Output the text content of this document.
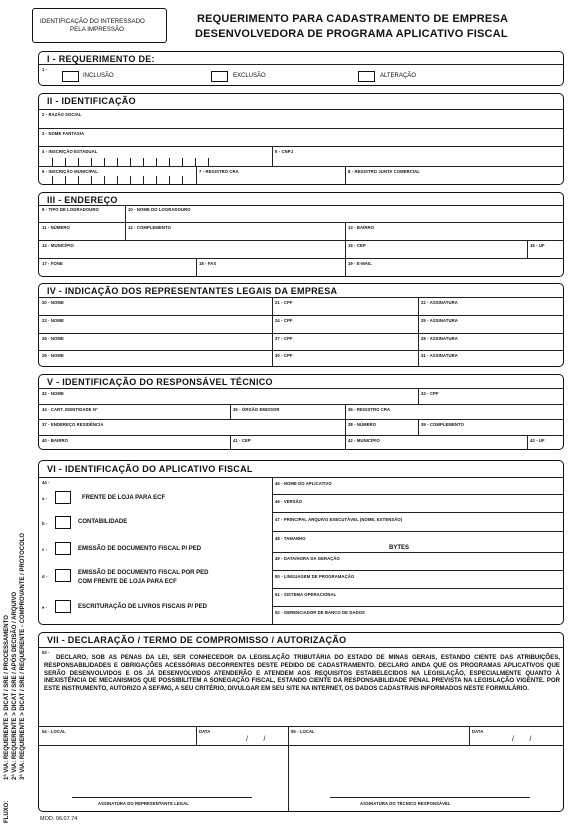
IDENTIFICAÇÃO DO INTERESSADO
PELA IMPRESSÃO
REQUERIMENTO PARA CADASTRAMENTO DE EMPRESA
DESENVOLVEDORA DE PROGRAMA APLICATIVO FISCAL
I - REQUERIMENTO DE:
1 -
INCLUSÃO	EXCLUSÃO	ALTERAÇÃO
II - IDENTIFICAÇÃO
2 - RAZÃO SOCIAL
3 - NOME FANTASIA
4 - INSCRIÇÃO ESTADUAL	5 - CNPJ
6 - INSCRIÇÃO MUNICIPAL	7 - REGISTRO CRA	8 - REGISTRO JUNTA COMERCIAL
III - ENDEREÇO
9 - TIPO DE LOGRADOURO	10 - NOME DO LOGRADOURO
11 - NÚMERO	12 - COMPLEMENTO	13 - BAIRRO
14 - MUNICÍPIO	15 - CEP	16 - UF
17 - FONE	18 - FAX	19 - E-MAIL
IV - INDICAÇÃO DOS REPRESENTANTES LEGAIS DA EMPRESA
20 - NOME	21 - CPF	22 - ASSINATURA
23 - NOME	24 - CPF	25 - ASSINATURA
26 - NOME	27 - CPF	28 - ASSINATURA
29 - NOME	30 - CPF	31 - ASSINATURA
V - IDENTIFICAÇÃO DO RESPONSÁVEL TÉCNICO
32 - NOME	33 - CPF
34 - CART. IDENTIDADE Nº	35 - ÓRGÃO EMISSOR	36 - REGISTRO CRA
37 - ENDEREÇO RESIDÊNCIA	38 - NÚMERO	39 - COMPLEMENTO
40 - BAIRRO	41 - CEP	42 - MUNICÍPIO	43 - UF
VI - IDENTIFICAÇÃO DO APLICATIVO FISCAL
44 -
a -	FRENTE DE LOJA PARA ECF
b -	CONTABILIDADE
c -	EMISSÃO DE DOCUMENTO FISCAL P/ PED
d -
EMISSÃO DE DOCUMENTO FISCAL POR PED
COM FRENTE DE LOJA PARA ECF
e -	ESCRITURAÇÃO DE LIVROS FISCAIS P/ PED
45 - NOME DO APLICATIVO
46 - VERSÃO
47 - PRINCIPAL ARQUIVO EXECUTÁVEL (NOME, EXTENSÃO)
48 - TAMANHO
BYTES
49 - DATA/HORA DA GERAÇÃO
50 - LINGUAGEM DE PROGRAMAÇÃO
51 - SISTEMA OPERACIONAL
52 - GERENCIADOR DE BANCO DE DADOS
VII - DECLARAÇÃO / TERMO DE COMPROMISSO / AUTORIZAÇÃO
53 -
DECLARO, SOB AS PENAS DA LEI, SER CONHECEDOR DA LEGISLAÇÃO TRIBUTÁRIA DO ESTADO DE MINAS GERAIS, ESTANDO CIENTE DAS ATRIBUIÇÕES, RESPONSABILIDADES E OBRIGAÇÕES ACESSÓRIAS DECORRENTES DESTE PEDIDO DE CADASTRAMENTO. DECLARO AINDA QUE OS PROGRAMAS APLICATIVOS QUE SERÃO DESENVOLVIDOS E OS JÁ DESENVOLVIDOS ATENDERÃO E ATENDEM AOS REQUISITOS ESTABELECIDOS NA LEGISLAÇÃO, ESPECIALMENTE QUANTO À INEXISTÊNCIA DE MECANISMOS QUE POSSIBILITEM A SONEGAÇÃO FISCAL, ESTANDO CIENTE DA RESPONSABILIDADE PENAL PREVISTA NA LEGISLAÇÃO VIGENTE. POR ESTE INSTRUMENTO, AUTORIZO A SEF/MG, A SEU CRITÉRIO, DIVULGAR EM SEU SITE NA INTERNET, OS DADOS CADASTRAIS INFORMADOS NESTE FORMULÁRIO.
54 - LOCAL	DATA
/        /
55 - LOCAL	DATA
/        /
ASSINATURA DO REPRESENTANTE LEGAL	ASSINATURA DO TÉCNICO RESPONSÁVEL
MOD. 06.07.74
FLUXO:
1ª VIA: REQUERENTE > DICAT / SRE / PROCESSAMENTO 2ª VIA: REQUERENTE > DICAT / SRE / APÓS DECISÃO / ARQUIVO 3ª VIA: REQUERENTE > DICAT / SRE / REQUERENTE - COMPROVANTE / PROTOCOLO
